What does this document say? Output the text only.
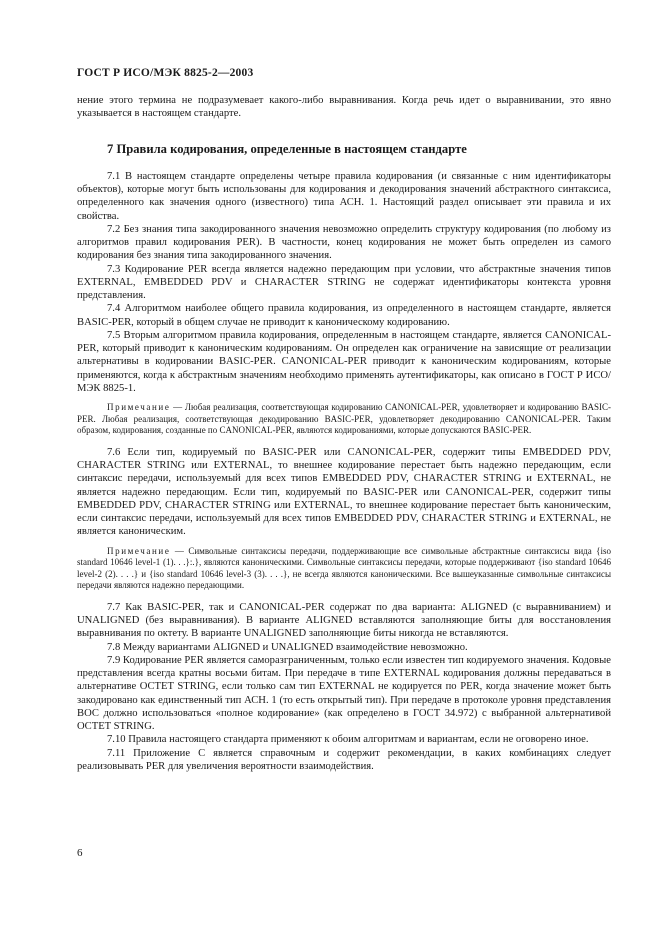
ГОСТ Р ИСО/МЭК 8825-2—2003

нение этого термина не подразумевает какого-либо выравнивания. Когда речь идет о выравнивании, это явно указывается в настоящем стандарте.

7 Правила кодирования, определенные в настоящем стандарте

7.1 В настоящем стандарте определены четыре правила кодирования (и связанные с ним идентификаторы объектов), которые могут быть использованы для кодирования и декодирования значений абстрактного синтаксиса, определенного как значения одного (известного) типа АСН. 1. Настоящий раздел описывает эти правила и их свойства.

7.2 Без знания типа закодированного значения невозможно определить структуру кодирования (по любому из алгоритмов правил кодирования PER). В частности, конец кодирования не может быть определен из самого кодирования без знания типа закодированного значения.

7.3 Кодирование PER всегда является надежно передающим при условии, что абстрактные значения типов EXTERNAL, EMBEDDED PDV и CHARACTER STRING не содержат идентификаторы контекста уровня представления.

7.4 Алгоритмом наиболее общего правила кодирования, из определенного в настоящем стандарте, является BASIC-PER, который в общем случае не приводит к каноническому кодированию.

7.5 Вторым алгоритмом правила кодирования, определенным в настоящем стандарте, является CANONICAL-PER, который приводит к каноническим кодированиям. Он определен как ограничение на зависящие от реализации альтернативы в кодировании BASIC-PER. CANONICAL-PER приводит к каноническим кодированиям, которые применяются, когда к абстрактным значениям необходимо применять аутентификаторы, как описано в ГОСТ Р ИСО/МЭК 8825-1.

Примечание — Любая реализация, соответствующая кодированию CANONICAL-PER, удовлетворяет и кодированию BASIC-PER. Любая реализация, соответствующая декодированию BASIC-PER, удовлетворяет декодированию CANONICAL-PER. Таким образом, кодирования, созданные по CANONICAL-PER, являются кодированиями, которые допускаются BASIC-PER.

7.6 Если тип, кодируемый по BASIC-PER или CANONICAL-PER, содержит типы EMBEDDED PDV, CHARACTER STRING или EXTERNAL, то внешнее кодирование перестает быть надежно передающим, если синтаксис передачи, используемый для всех типов EMBEDDED PDV, CHARACTER STRING и EXTERNAL, не является надежно передающим. Если тип, кодируемый по BASIC-PER или CANONICAL-PER, содержит типы EMBEDDED PDV, CHARACTER STRING или EXTERNAL, то внешнее кодирование перестает быть каноническим, если синтаксис передачи, используемый для всех типов EMBEDDED PDV, CHARACTER STRING и EXTERNAL, не является каноническим.

Примечание — Символьные синтаксисы передачи, поддерживающие все символьные абстрактные синтаксисы вида {iso standard 10646 level-1 (1). . .}:.}, являются каноническими. Символьные синтаксисы передачи, которые поддерживают {iso standard 10646 level-2 (2). . . .} и {iso standard 10646 level-3 (3). . . .}, не всегда являются каноническими. Все вышеуказанные символьные синтаксисы передачи являются надежно передающими.

7.7 Как BASIC-PER, так и CANONICAL-PER содержат по два варианта: ALIGNED (с выравниванием) и UNALIGNED (без выравнивания). В варианте ALIGNED вставляются заполняющие биты для восстановления выравнивания по октету. В варианте UNALIGNED заполняющие биты никогда не вставляются.

7.8 Между вариантами ALIGNED и UNALIGNED взаимодействие невозможно.

7.9 Кодирование PER является саморазграниченным, только если известен тип кодируемого значения. Кодовые представления всегда кратны восьми битам. При передаче в типе EXTERNAL кодирования должны передаваться в альтернативе OCTET STRING, если только сам тип EXTERNAL не кодируется по PER, когда значение может быть закодировано как единственный тип АСН. 1 (то есть открытый тип). При передаче в протоколе уровня представления ВОС должно использоваться «полное кодирование» (как определено в ГОСТ 34.972) с выбранной альтернативой OCTET STRING.

7.10 Правила настоящего стандарта применяют к обоим алгоритмам и вариантам, если не оговорено иное.

7.11 Приложение С является справочным и содержит рекомендации, в каких комбинациях следует реализовывать PER для увеличения вероятности взаимодействия.

6
